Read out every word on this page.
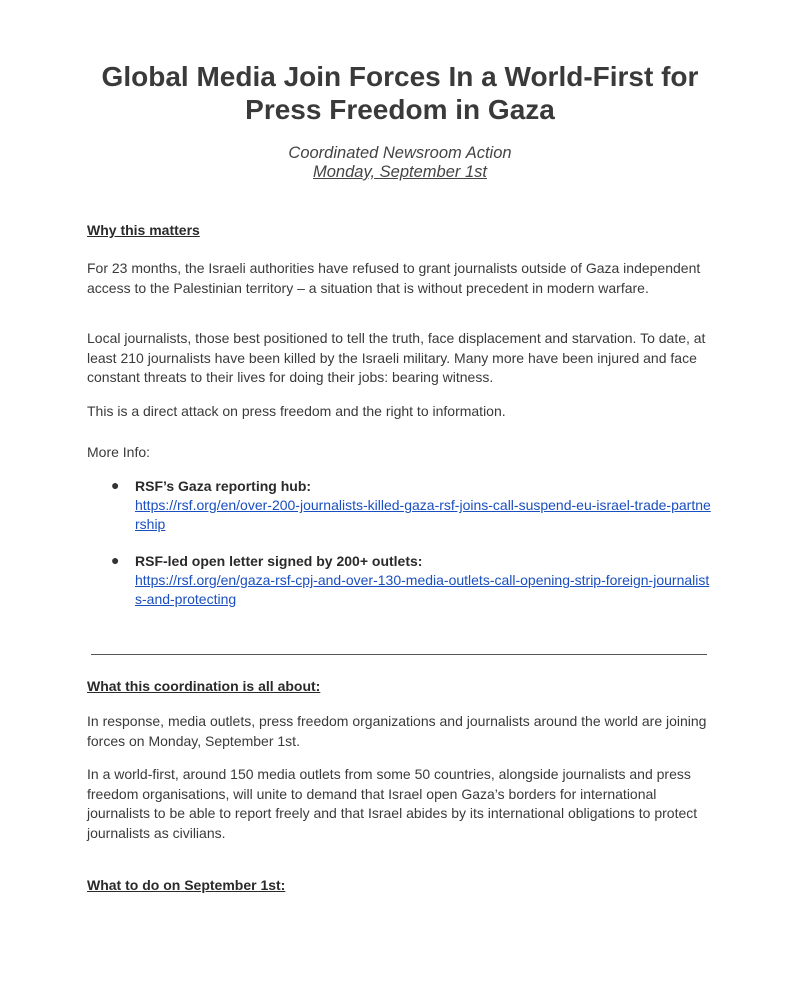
Global Media Join Forces In a World-First for Press Freedom in Gaza
Coordinated Newsroom Action
Monday, September 1st
Why this matters

For 23 months, the Israeli authorities have refused to grant journalists outside of Gaza independent access to the Palestinian territory – a situation that is without precedent in modern warfare.

Local journalists, those best positioned to tell the truth, face displacement and starvation. To date, at least 210 journalists have been killed by the Israeli military. Many more have been injured and face constant threats to their lives for doing their jobs: bearing witness.

This is a direct attack on press freedom and the right to information.

More Info:
● RSF’s Gaza reporting hub:
https://rsf.org/en/over-200-journalists-killed-gaza-rsf-joins-call-suspend-eu-israel-trade-partnership
● RSF-led open letter signed by 200+ outlets:
https://rsf.org/en/gaza-rsf-cpj-and-over-130-media-outlets-call-opening-strip-foreign-journalists-and-protecting
What this coordination is all about:

In response, media outlets, press freedom organizations and journalists around the world are joining forces on Monday, September 1st.

In a world-first, around 150 media outlets from some 50 countries, alongside journalists and press freedom organisations, will unite to demand that Israel open Gaza’s borders for international journalists to be able to report freely and that Israel abides by its international obligations to protect journalists as civilians.

What to do on September 1st:
